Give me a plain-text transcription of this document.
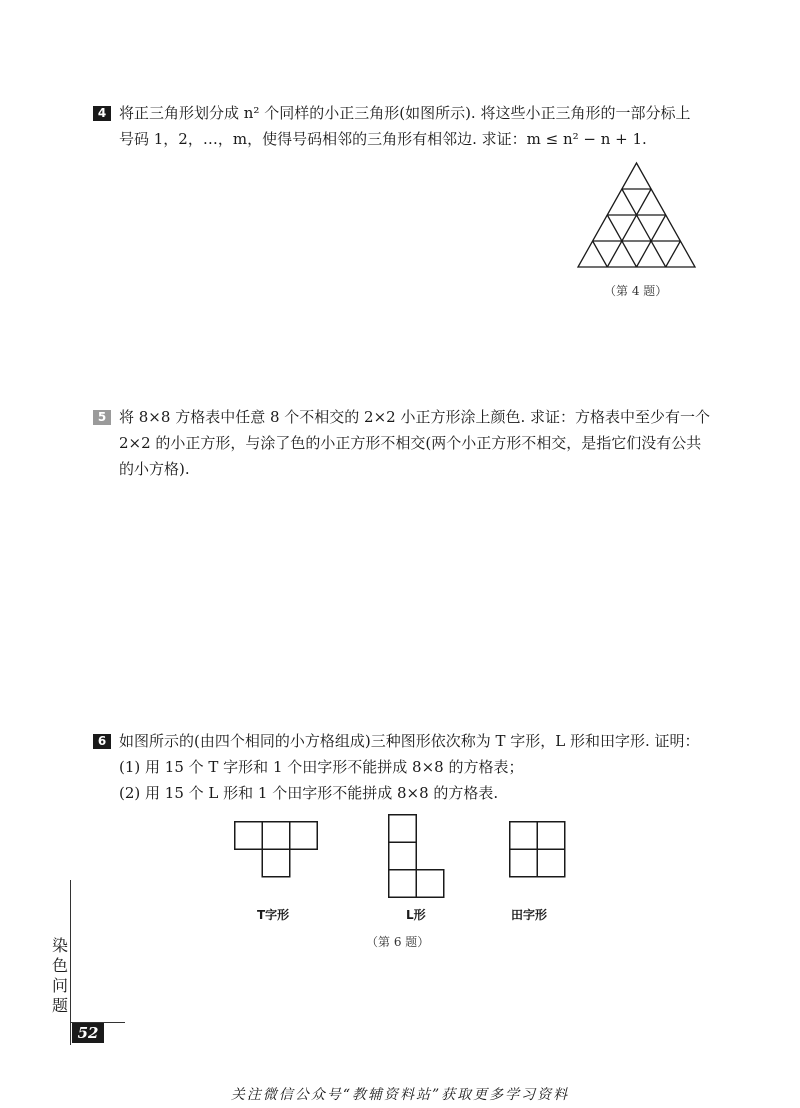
4 将正三角形划分成 n² 个同样的小正三角形(如图所示). 将这些小正三角形的一部分标上

号码 1，2，…，m，使得号码相邻的三角形有相邻边. 求证：m ≤ n² − n + 1.

（第 4 题）
5 将 8×8 方格表中任意 8 个不相交的 2×2 小正方形涂上颜色. 求证：方格表中至少有一个

2×2 的小正方形，与涂了色的小正方形不相交(两个小正方形不相交，是指它们没有公共

的小方格).

6 如图所示的(由四个相同的小方格组成)三种图形依次称为 T 字形，L 形和田字形. 证明：

(1) 用 15 个 T 字形和 1 个田字形不能拼成 8×8 的方格表；

(2) 用 15 个 L 形和 1 个田字形不能拼成 8×8 的方格表.

T字形	L形	田字形
（第 6 题）
染
色
问
题
52
关注微信公众号“教辅资料站”获取更多学习资料
